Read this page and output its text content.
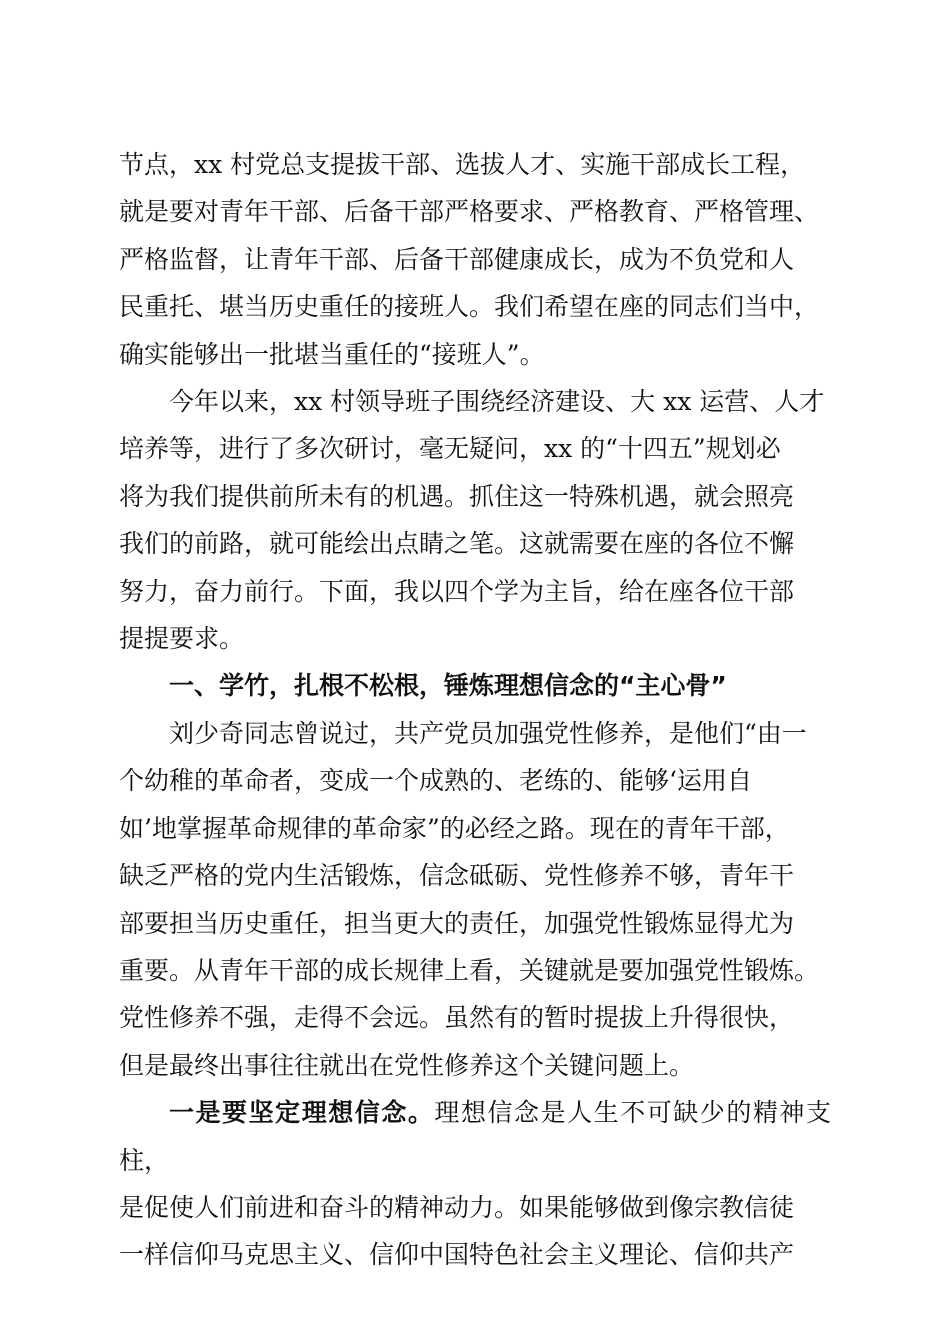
节点，xx 村党总支提拔干部、选拔人才、实施干部成长工程，
就是要对青年干部、后备干部严格要求、严格教育、严格管理、
严格监督，让青年干部、后备干部健康成长，成为不负党和人
民重托、堪当历史重任的接班人。我们希望在座的同志们当中，
确实能够出一批堪当重任的“接班人”。

今年以来，xx 村领导班子围绕经济建设、大 xx 运营、人才
培养等，进行了多次研讨，毫无疑问，xx 的“十四五”规划必
将为我们提供前所未有的机遇。抓住这一特殊机遇，就会照亮
我们的前路，就可能绘出点睛之笔。这就需要在座的各位不懈
努力，奋力前行。下面，我以四个学为主旨，给在座各位干部
提提要求。

一、学竹，扎根不松根，锤炼理想信念的“主心骨”

刘少奇同志曾说过，共产党员加强党性修养，是他们“由一
个幼稚的革命者，变成一个成熟的、老练的、能够‘运用自
如’地掌握革命规律的革命家”的必经之路。现在的青年干部，
缺乏严格的党内生活锻炼，信念砥砺、党性修养不够，青年干
部要担当历史重任，担当更大的责任，加强党性锻炼显得尤为
重要。从青年干部的成长规律上看，关键就是要加强党性锻炼。
党性修养不强，走得不会远。虽然有的暂时提拔上升得很快，
但是最终出事往往就出在党性修养这个关键问题上。

一是要坚定理想信念。理想信念是人生不可缺少的精神支柱，
是促使人们前进和奋斗的精神动力。如果能够做到像宗教信徒
一样信仰马克思主义、信仰中国特色社会主义理论、信仰共产
